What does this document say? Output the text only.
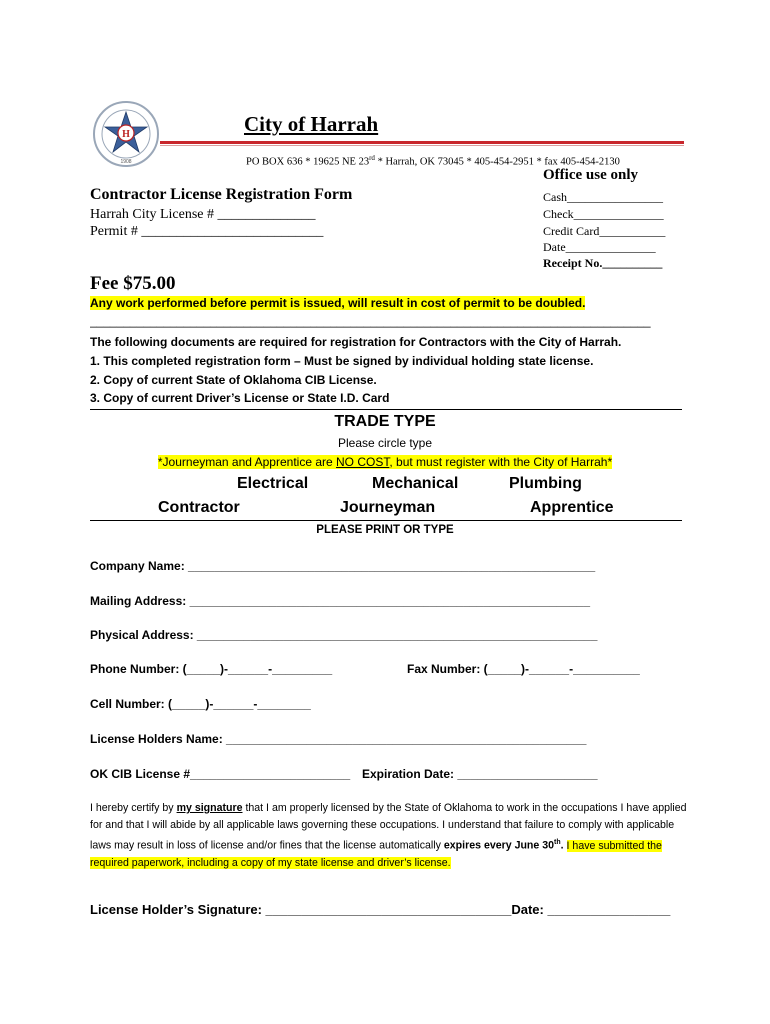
H
1908
City of Harrah
PO BOX 636 * 19625 NE 23rd * Harrah, OK 73045 * 405-454-2951 * fax 405-454-2130
Office use only
Cash________________
Check_______________
Credit Card___________
Date_______________
Receipt No.__________
Contractor License Registration Form
Harrah City License # ______________
Permit # __________________________
Fee $75.00
Any work performed before permit is issued, will result in cost of permit to be doubled.
____________________________________________________________________________________
The following documents are required for registration for Contractors with the City of Harrah.
1. This completed registration form – Must be signed by individual holding state license.
2. Copy of current State of Oklahoma CIB License.
3. Copy of current Driver’s License or State I.D. Card
TRADE TYPE
Please circle type
*Journeyman and Apprentice are NO COST, but must register with the City of Harrah*
Electrical	Mechanical	Plumbing
Contractor	Journeyman	Apprentice
PLEASE PRINT OR TYPE
Company Name: _____________________________________________________________
Mailing Address: ____________________________________________________________
Physical Address: ____________________________________________________________
Phone Number: (_____)-______-_________	Fax Number: (_____)-______-__________
Cell Number: (_____)-______-________
License Holders Name: ______________________________________________________
OK CIB License #________________________ Expiration Date: _____________________
I hereby certify by my signature that I am properly licensed by the State of Oklahoma to work in the occupations I have applied for and that I will abide by all applicable laws governing these occupations. I understand that failure to comply with applicable laws may result in loss of license and/or fines that the license automatically expires every June 30th. I have submitted the required paperwork, including a copy of my state license and driver’s license.
License Holder’s Signature: __________________________________Date: _________________
